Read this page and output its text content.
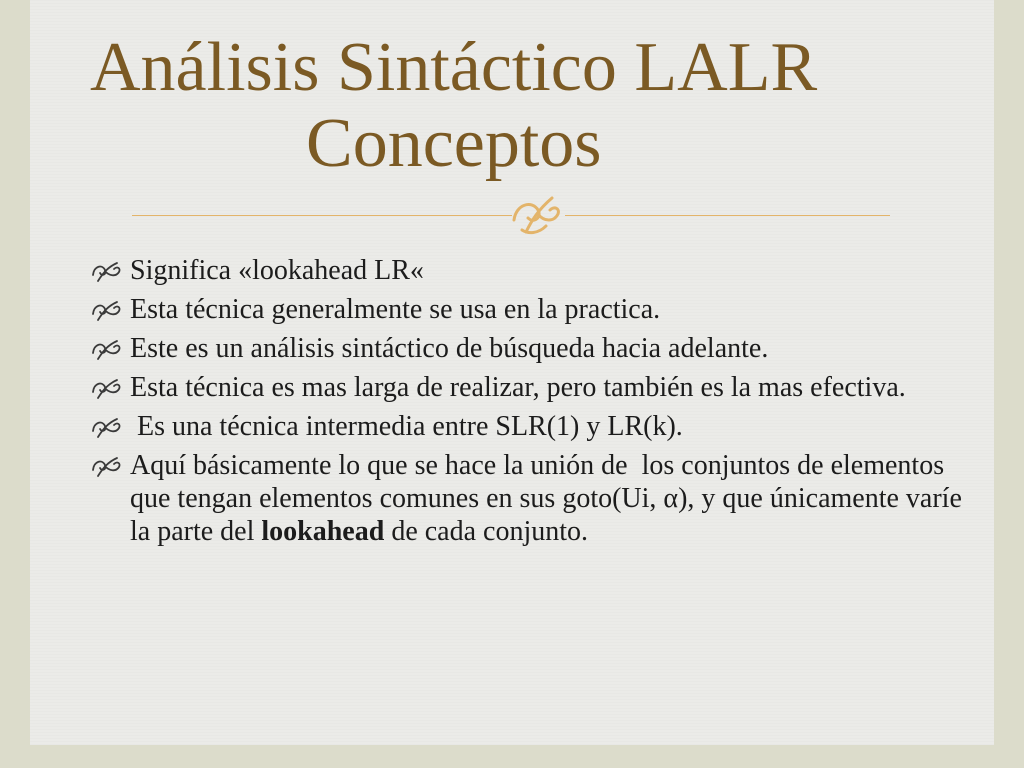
Análisis Sintáctico LALR
Conceptos
Significa «lookahead LR«
Esta técnica generalmente se usa en la practica.
Este es un análisis sintáctico de búsqueda hacia adelante.
Esta técnica es mas larga de realizar, pero también es la mas efectiva.
Es una técnica intermedia entre SLR(1) y LR(k).
Aquí básicamente lo que se hace la unión de  los conjuntos de elementos que tengan elementos comunes en sus goto(Ui, α), y que únicamente varíe la parte del lookahead de cada conjunto.
